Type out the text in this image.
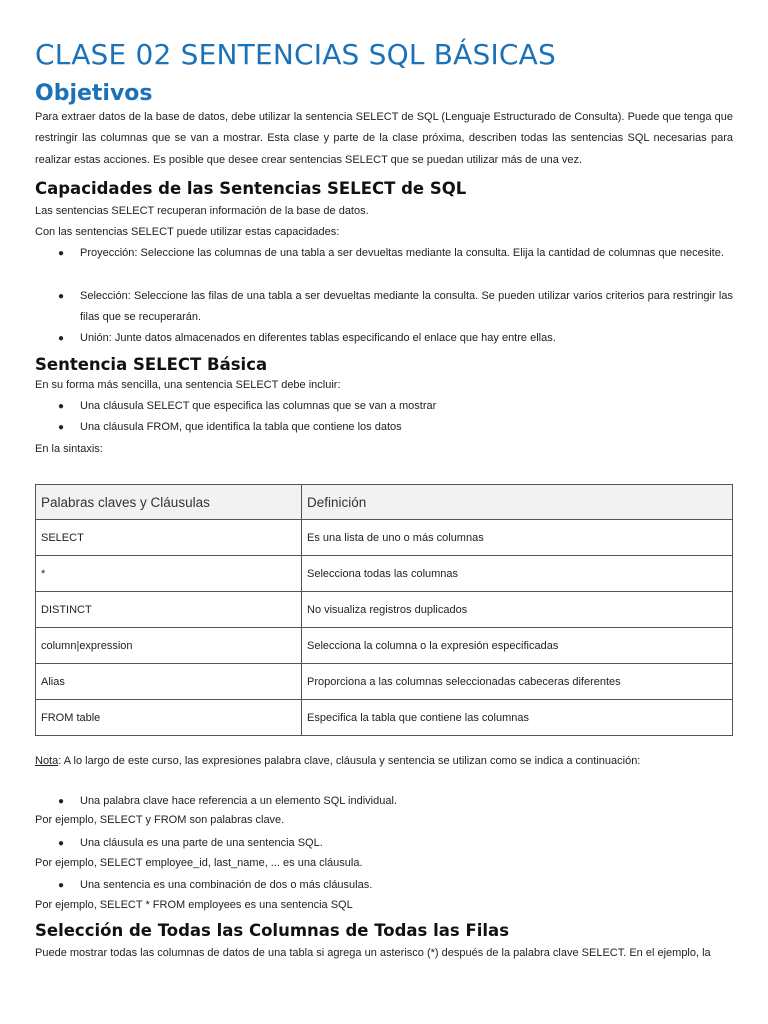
CLASE 02 SENTENCIAS SQL BÁSICAS
Objetivos

Para extraer datos de la base de datos, debe utilizar la sentencia SELECT de SQL (Lenguaje Estructurado de Consulta). Puede que tenga que restringir las columnas que se van a mostrar. Esta clase y parte de la clase próxima, describen todas las sentencias SQL necesarias para realizar estas acciones. Es posible que desee crear sentencias SELECT que se puedan utilizar más de una vez.

Capacidades de las Sentencias SELECT de SQL
Las sentencias SELECT recuperan información de la base de datos.
Con las sentencias SELECT puede utilizar estas capacidades:
● Proyección: Seleccione las columnas de una tabla a ser devueltas mediante la consulta. Elija la cantidad de columnas que necesite.
● Selección: Seleccione las filas de una tabla a ser devueltas mediante la consulta. Se pueden utilizar varios criterios para restringir las filas que se recuperarán.
● Unión: Junte datos almacenados en diferentes tablas especificando el enlace que hay entre ellas.
Sentencia SELECT Básica
En su forma más sencilla, una sentencia SELECT debe incluir:
● Una cláusula SELECT que especifica las columnas que se van a mostrar
● Una cláusula FROM, que identifica la tabla que contiene los datos
En la sintaxis:
Palabras claves y Cláusulas	Definición
SELECT	Es una lista de uno o más columnas
*	Selecciona todas las columnas
DISTINCT	No visualiza registros duplicados
column|expression	Selecciona la columna o la expresión especificadas
Alias	Proporciona a las columnas seleccionadas cabeceras diferentes
FROM table	Especifica la tabla que contiene las columnas
Nota: A lo largo de este curso, las expresiones palabra clave, cláusula y sentencia se utilizan como se indica a continuación:
● Una palabra clave hace referencia a un elemento SQL individual.
Por ejemplo, SELECT y FROM son palabras clave.
● Una cláusula es una parte de una sentencia SQL.
Por ejemplo, SELECT employee_id, last_name, ... es una cláusula.
● Una sentencia es una combinación de dos o más cláusulas.
Por ejemplo, SELECT * FROM employees es una sentencia SQL
Selección de Todas las Columnas de Todas las Filas
Puede mostrar todas las columnas de datos de una tabla si agrega un asterisco (*) después de la palabra clave SELECT. En el ejemplo, la
